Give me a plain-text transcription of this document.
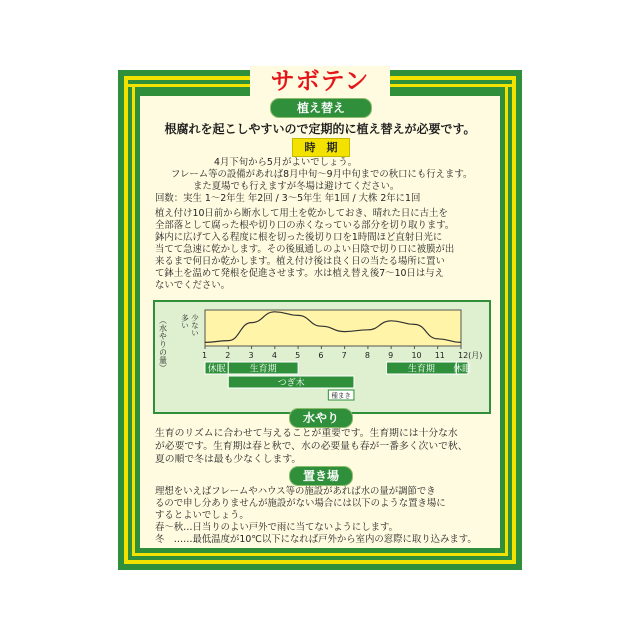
サボテン
植え替え
根腐れを起こしやすいので定期的に植え替えが必要です。
時　期
4月下旬から5月がよいでしょう。
フレーム等の設備があれば8月中旬〜9月中旬までの秋口にも行えます。
また夏場でも行えますが冬場は避けてください。
回数：実生 1〜2年生 年2回 / 3〜5年生 年1回 / 大株 2年に1回
植え付け10日前から断水して用土を乾かしておき、晴れた日に古土を
全部落として腐った根や切り口の赤くなっている部分を切り取ります。
鉢内に広げて入る程度に根を切った後切り口を1時間ほど直射日光に
当てて急速に乾かします。その後風通しのよい日陰で切り口に被膜が出
来るまで何日か乾かします。植え付け後は良く日の当たる場所に置い
て鉢土を温めて発根を促進させます。水は植え替え後7〜10日は与え
ないでください。
（水やりの量） 多い 少ない
1 2 3 4 5 6 7 8 9 10 11 12(月)
休眠	生育期	生育期 休眠
つぎ木
種まき
水やり
生育のリズムに合わせて与えることが重要です。生育期には十分な水
が必要です。生育期は春と秋で、水の必要量も春が一番多く次いで秋、
夏の順で冬は最も少なくします。
置き場
理想をいえばフレームやハウス等の施設があれば水の量が調節でき
るので申し分ありませんが施設がない場合には以下のような置き場に
するとよいでしょう。
春〜秋…日当りのよい戸外で雨に当てないようにします。
冬　……最低温度が10℃以下になれば戸外から室内の窓際に取り込みます。
